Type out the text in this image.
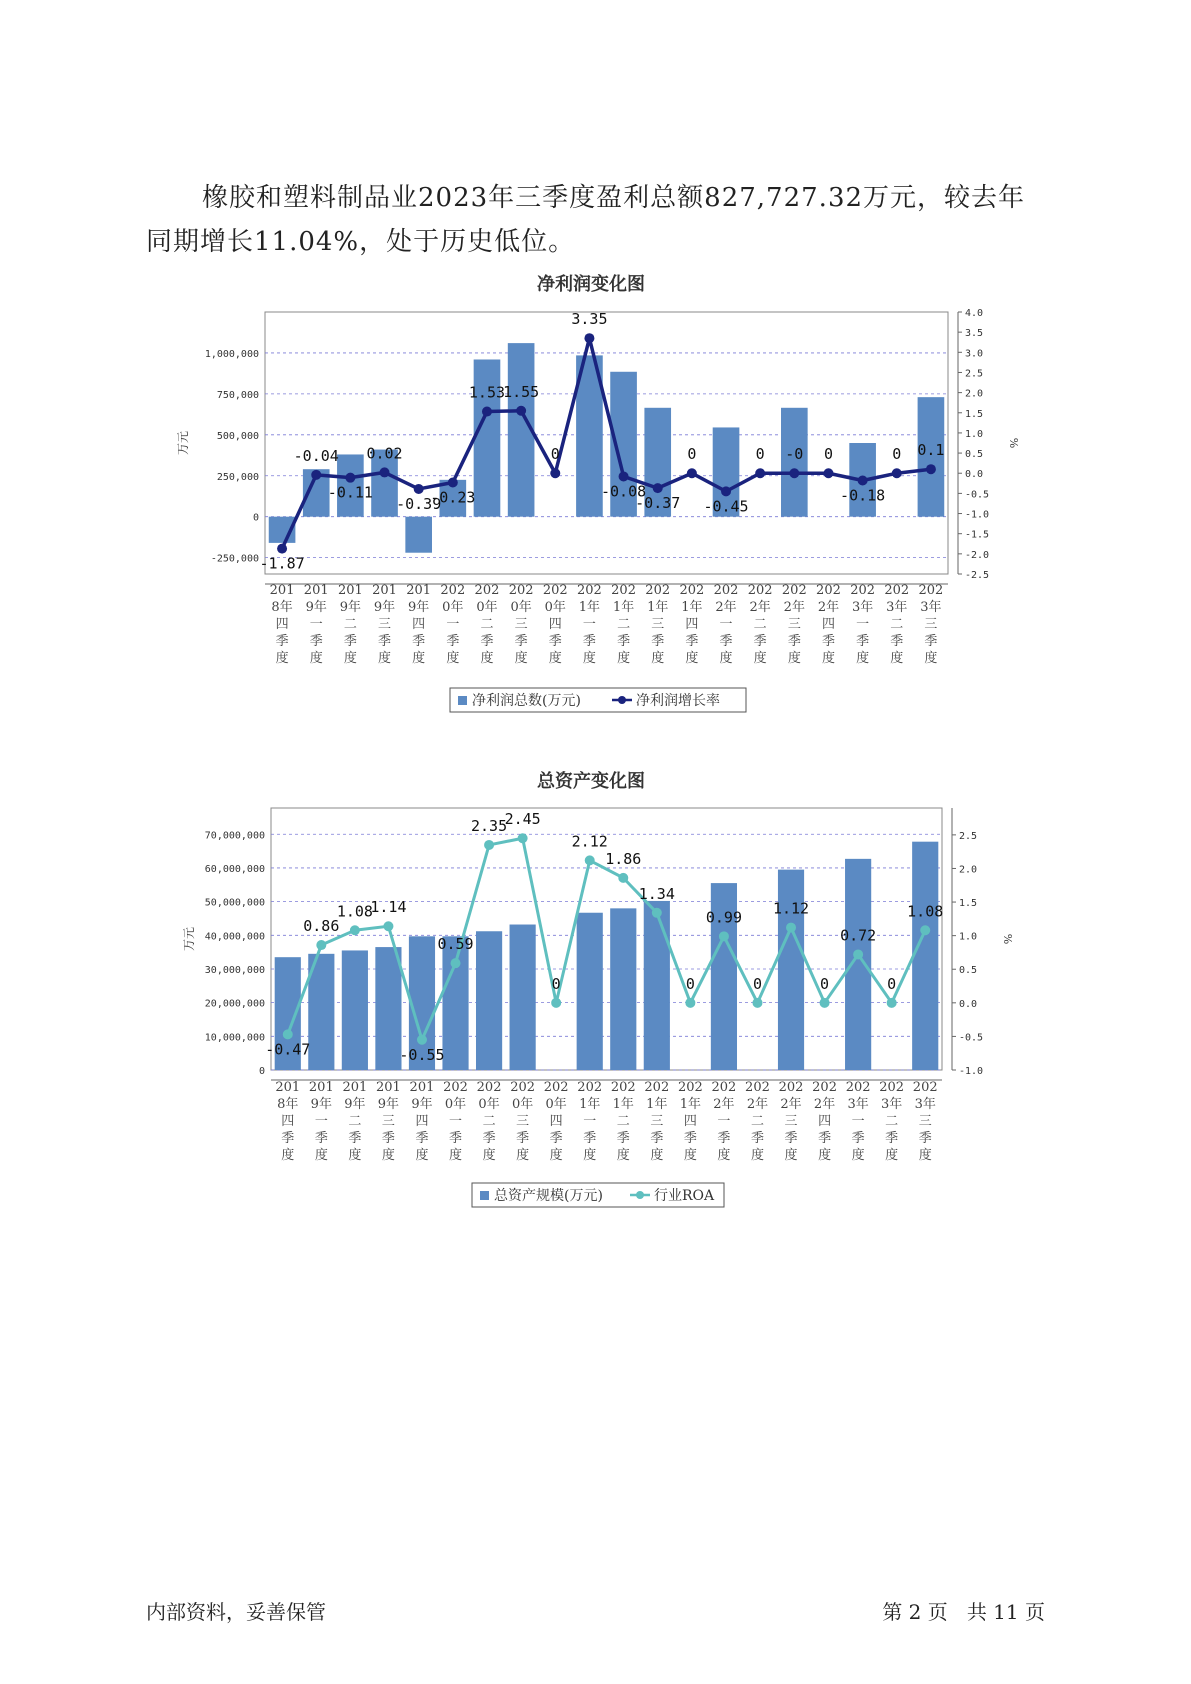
橡胶和塑料制品业2023年三季度盈利总额827,727.32万元，较去年同期增长11.04%，处于历史低位。

净利润变化图
总资产变化图
-250,000
0
250,000
500,000
750,000
1,000,000
-2.5
-2.0
-1.5
-1.0
-0.5
0.0
0.5
1.0
1.5
2.0
2.5
3.0
3.5
4.0
万元	%
201
8年
四
季
度
201
9年
一
季
度
201
9年
二
季
度
201
9年
三
季
度
201
9年
四
季
度
202
0年
一
季
度
202
0年
二
季
度
202
0年
三
季
度
202
0年
四
季
度
202
1年
一
季
度
202
1年
二
季
度
202
1年
三
季
度
202
1年
四
季
度
202
2年
一
季
度
202
2年
二
季
度
202
2年
三
季
度
202
2年
四
季
度
202
3年
一
季
度
202
3年
二
季
度
202
3年
三
季
度
-1.87
-0.04
-0.11
0.02
-0.39
-0.23
1.53
1.55
0
3.35
-0.08
-0.37
0
-0.45
0 -0 0
-0.18
0 0.1
净利润总数(万元)	净利润增长率
0
10,000,000
20,000,000
30,000,000
40,000,000
50,000,000
60,000,000
70,000,000
-1.0
-0.5
0.0
0.5
1.0
1.5
2.0
2.5
万元	%
201
8年
四
季
度
201
9年
一
季
度
201
9年
二
季
度
201
9年
三
季
度
201
9年
四
季
度
202
0年
一
季
度
202
0年
二
季
度
202
0年
三
季
度
202
0年
四
季
度
202
1年
一
季
度
202
1年
二
季
度
202
1年
三
季
度
202
1年
四
季
度
202
2年
一
季
度
202
2年
二
季
度
202
2年
三
季
度
202
2年
四
季
度
202
3年
一
季
度
202
3年
二
季
度
202
3年
三
季
度
-0.47
0.86
1.08
1.14
-0.55
0.59
2.35
2.45
0
2.12
1.86
1.34
0
0.99
0
1.12
0
0.72
0
1.08
总资产规模(万元)	行业ROA
内部资料，妥善保管	第 2 页   共 11 页
